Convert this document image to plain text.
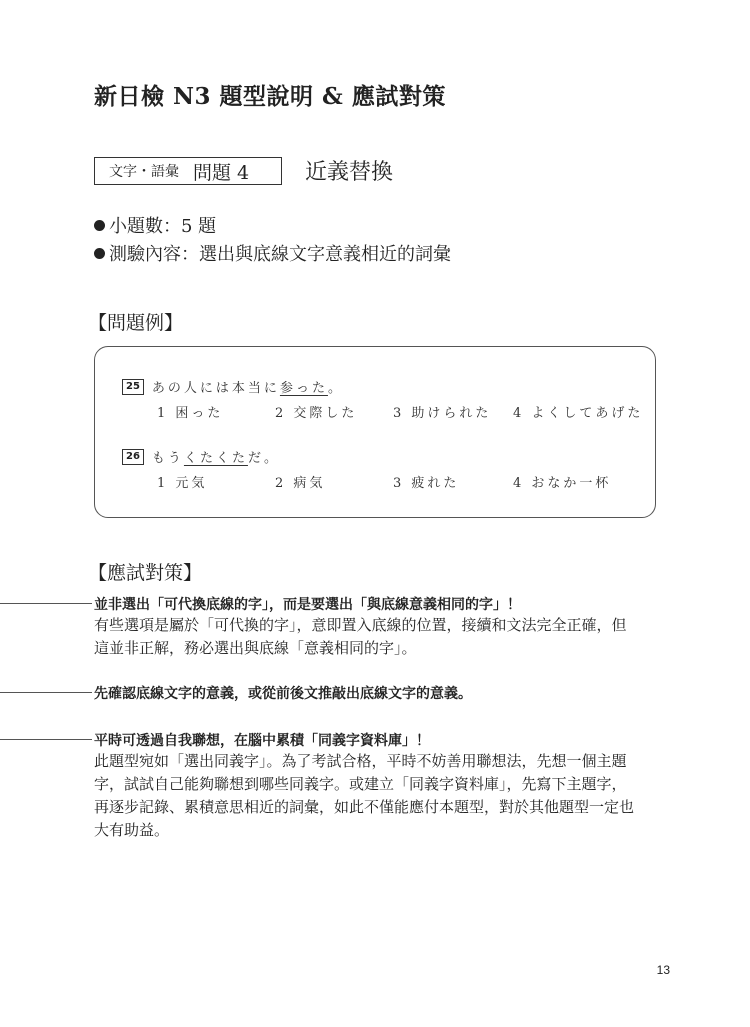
新日檢 N3 題型說明 & 應試對策
文字・語彙 問題 4	近義替換
小題數：5 題
測驗內容：選出與底線文字意義相近的詞彙
【問題例】
25 あの人には本当に 参った 。
1 困った	2 交際した	3 助けられた 4 よくしてあげた
26 もう くたくた だ。
1 元気	2 病気	3 疲れた	4 おなか一杯
【應試對策】
並非選出「可代換底線的字」，而是要選出「與底線意義相同的字」！
有些選項是屬於「可代換的字」，意即置入底線的位置，接續和文法完全正確，但
這並非正解，務必選出與底線「意義相同的字」。
先確認底線文字的意義，或從前後文推敲出底線文字的意義。
平時可透過自我聯想，在腦中累積「同義字資料庫」！
此題型宛如「選出同義字」。為了考試合格，平時不妨善用聯想法，先想一個主題
字，試試自己能夠聯想到哪些同義字。或建立「同義字資料庫」，先寫下主題字，
再逐步記錄、累積意思相近的詞彙，如此不僅能應付本題型，對於其他題型一定也
大有助益。
13
